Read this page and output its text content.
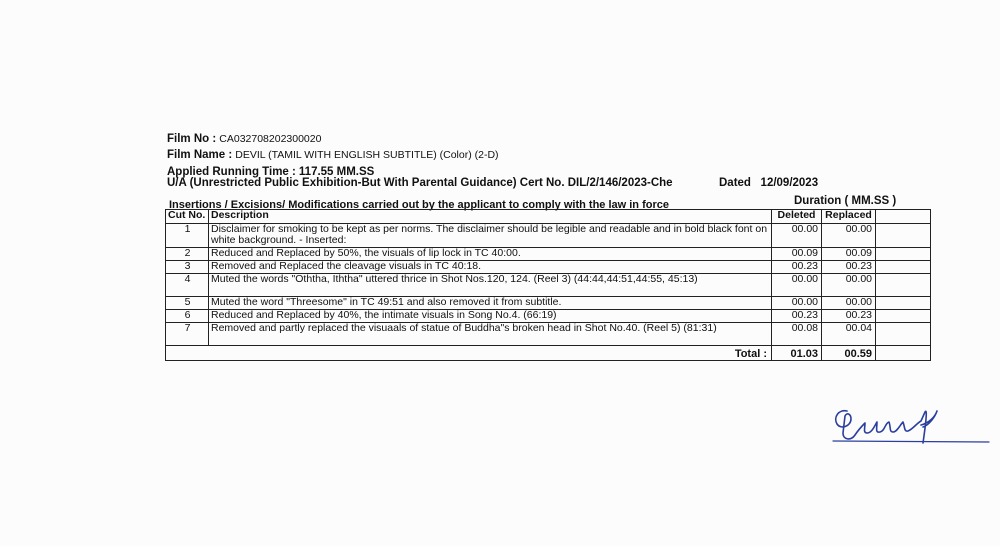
Film No : CA032708202300020
Film Name : DEVIL (TAMIL WITH ENGLISH SUBTITLE) (Color) (2-D)
Applied Running Time : 117.55 MM.SS
U/A (Unrestricted Public Exhibition-But With Parental Guidance) Cert No. DIL/2/146/2023-Che	Dated 12/09/2023
Insertions / Excisions/ Modifications carried out by the applicant to comply with the law in force	Duration ( MM.SS )
Cut No.	Description	Deleted	Replaced	
1	Disclaimer for smoking to be kept as per norms. The disclaimer should be legible and readable and in bold black font on white background. - Inserted:	00.00	00.00	
2	Reduced and Replaced by 50%, the visuals of lip lock in TC 40:00.	00.09	00.09	
3	Removed and Replaced the cleavage visuals in TC 40:18.	00.23	00.23	
4	Muted the words "Oththa, Iththa" uttered thrice in Shot Nos.120, 124. (Reel 3) (44:44,44:51,44:55, 45:13)	00.00	00.00	
5	Muted the word "Threesome" in TC 49:51 and also removed it from subtitle.	00.00	00.00	
6	Reduced and Replaced by 40%, the intimate visuals in Song No.4. (66:19)	00.23	00.23	
7	Removed and partly replaced the visuaals of statue of Buddha"s broken head in Shot No.40. (Reel 5) (81:31)	00.08	00.04	
Total :		01.03	00.59	
